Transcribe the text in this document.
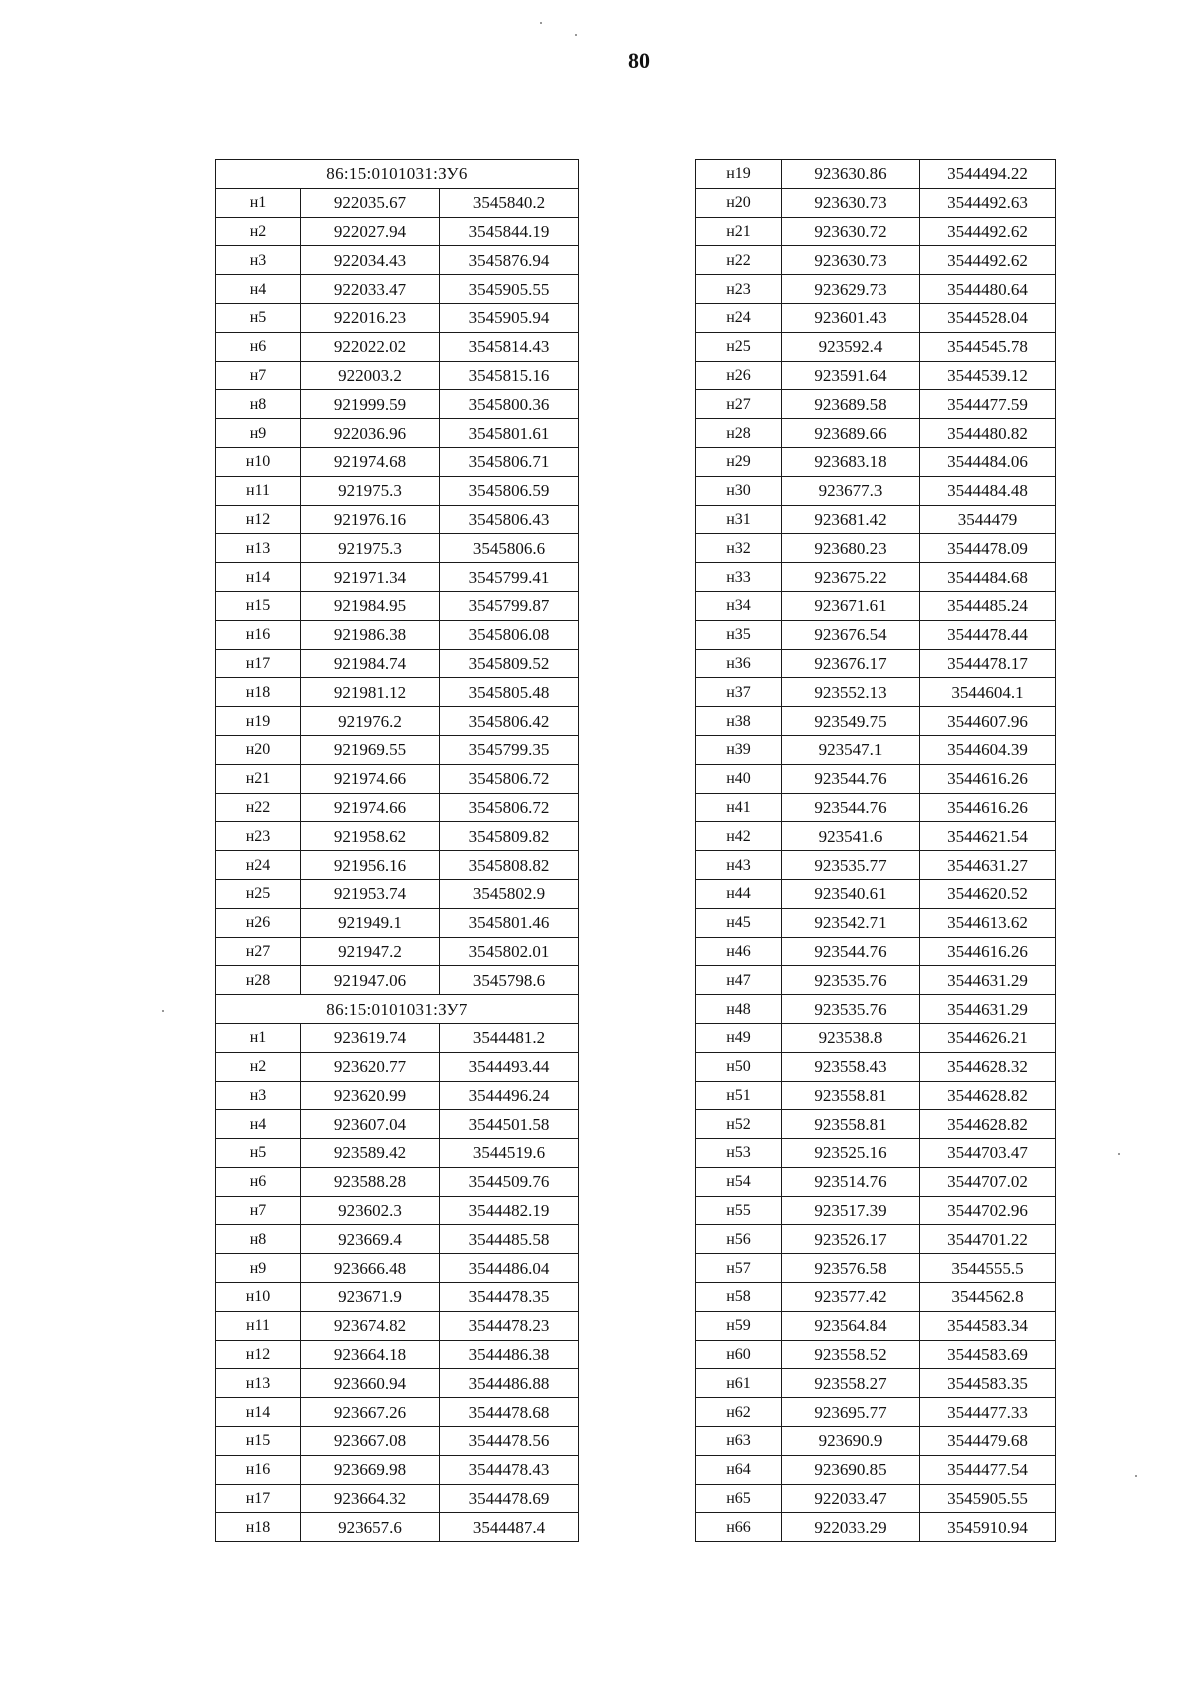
80
86:15:0101031:ЗУ6		
н1	922035.67	3545840.2
н2	922027.94	3545844.19
н3	922034.43	3545876.94
н4	922033.47	3545905.55
н5	922016.23	3545905.94
н6	922022.02	3545814.43
н7	922003.2	3545815.16
н8	921999.59	3545800.36
н9	922036.96	3545801.61
н10	921974.68	3545806.71
н11	921975.3	3545806.59
н12	921976.16	3545806.43
н13	921975.3	3545806.6
н14	921971.34	3545799.41
н15	921984.95	3545799.87
н16	921986.38	3545806.08
н17	921984.74	3545809.52
н18	921981.12	3545805.48
н19	921976.2	3545806.42
н20	921969.55	3545799.35
н21	921974.66	3545806.72
н22	921974.66	3545806.72
н23	921958.62	3545809.82
н24	921956.16	3545808.82
н25	921953.74	3545802.9
н26	921949.1	3545801.46
н27	921947.2	3545802.01
н28	921947.06	3545798.6
86:15:0101031:ЗУ7		
н1	923619.74	3544481.2
н2	923620.77	3544493.44
н3	923620.99	3544496.24
н4	923607.04	3544501.58
н5	923589.42	3544519.6
н6	923588.28	3544509.76
н7	923602.3	3544482.19
н8	923669.4	3544485.58
н9	923666.48	3544486.04
н10	923671.9	3544478.35
н11	923674.82	3544478.23
н12	923664.18	3544486.38
н13	923660.94	3544486.88
н14	923667.26	3544478.68
н15	923667.08	3544478.56
н16	923669.98	3544478.43
н17	923664.32	3544478.69
н18	923657.6	3544487.4
н19	923630.86	3544494.22
н20	923630.73	3544492.63
н21	923630.72	3544492.62
н22	923630.73	3544492.62
н23	923629.73	3544480.64
н24	923601.43	3544528.04
н25	923592.4	3544545.78
н26	923591.64	3544539.12
н27	923689.58	3544477.59
н28	923689.66	3544480.82
н29	923683.18	3544484.06
н30	923677.3	3544484.48
н31	923681.42	3544479
н32	923680.23	3544478.09
н33	923675.22	3544484.68
н34	923671.61	3544485.24
н35	923676.54	3544478.44
н36	923676.17	3544478.17
н37	923552.13	3544604.1
н38	923549.75	3544607.96
н39	923547.1	3544604.39
н40	923544.76	3544616.26
н41	923544.76	3544616.26
н42	923541.6	3544621.54
н43	923535.77	3544631.27
н44	923540.61	3544620.52
н45	923542.71	3544613.62
н46	923544.76	3544616.26
н47	923535.76	3544631.29
н48	923535.76	3544631.29
н49	923538.8	3544626.21
н50	923558.43	3544628.32
н51	923558.81	3544628.82
н52	923558.81	3544628.82
н53	923525.16	3544703.47
н54	923514.76	3544707.02
н55	923517.39	3544702.96
н56	923526.17	3544701.22
н57	923576.58	3544555.5
н58	923577.42	3544562.8
н59	923564.84	3544583.34
н60	923558.52	3544583.69
н61	923558.27	3544583.35
н62	923695.77	3544477.33
н63	923690.9	3544479.68
н64	923690.85	3544477.54
н65	922033.47	3545905.55
н66	922033.29	3545910.94
